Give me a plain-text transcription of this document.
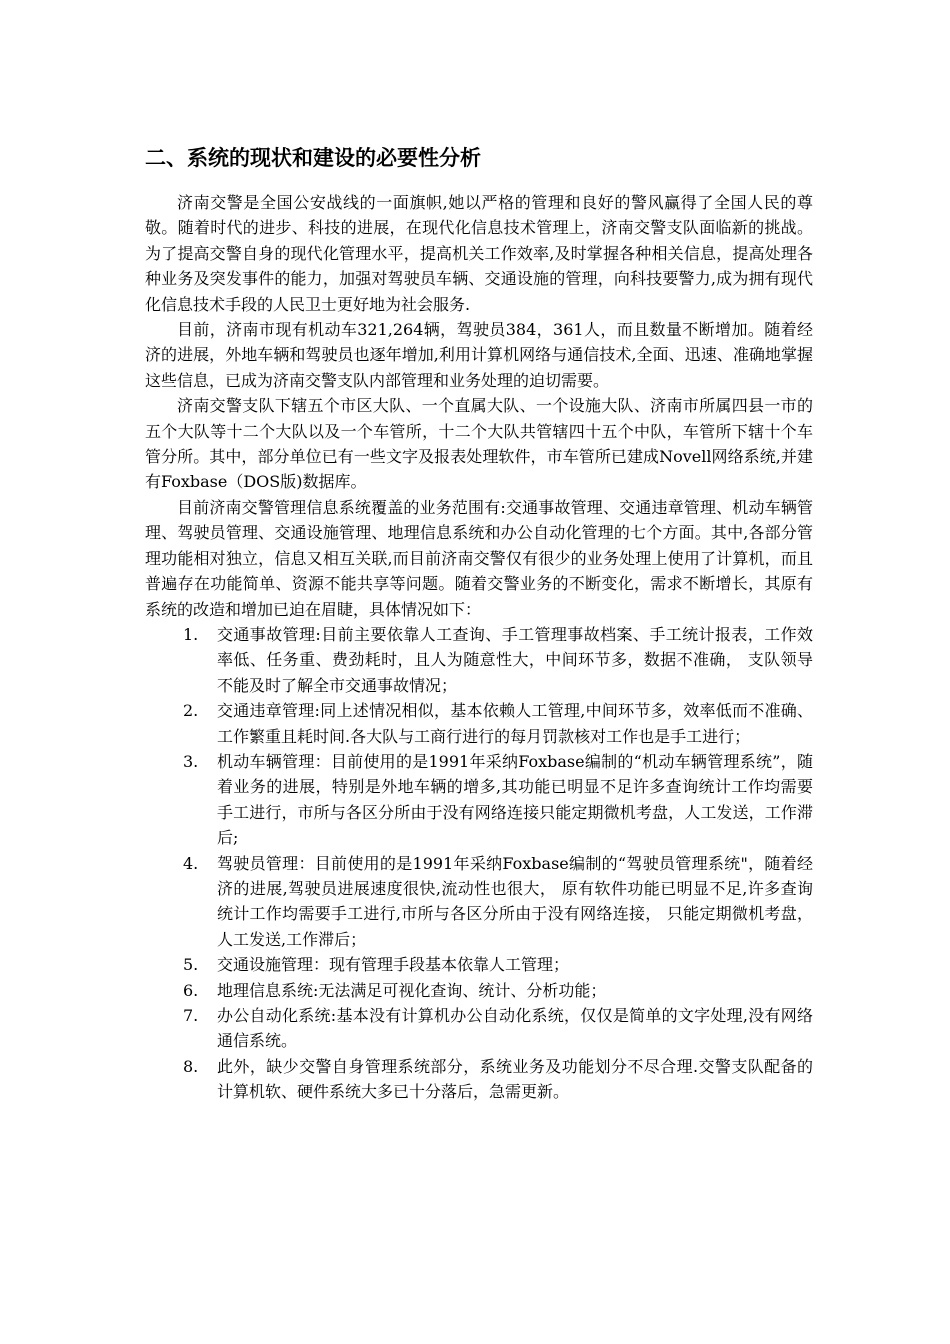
二、系统的现状和建设的必要性分析

济南交警是全国公安战线的一面旗帜,她以严格的管理和良好的警风赢得了全国人民的尊敬。随着时代的进步、科技的进展，在现代化信息技术管理上，济南交警支队面临新的挑战。为了提高交警自身的现代化管理水平，提高机关工作效率,及时掌握各种相关信息，提高处理各种业务及突发事件的能力，加强对驾驶员车辆、交通设施的管理，向科技要警力,成为拥有现代化信息技术手段的人民卫士更好地为社会服务.

目前，济南市现有机动车321,264辆，驾驶员384，361人，而且数量不断增加。随着经济的进展，外地车辆和驾驶员也逐年增加,利用计算机网络与通信技术,全面、迅速、准确地掌握这些信息，已成为济南交警支队内部管理和业务处理的迫切需要。

济南交警支队下辖五个市区大队、一个直属大队、一个设施大队、济南市所属四县一市的五个大队等十二个大队以及一个车管所，十二个大队共管辖四十五个中队，车管所下辖十个车管分所。其中，部分单位已有一些文字及报表处理软件，市车管所已建成Novell网络系统,并建有Foxbase（DOS版)数据库。

目前济南交警管理信息系统覆盖的业务范围有:交通事故管理、交通违章管理、机动车辆管理、驾驶员管理、交通设施管理、地理信息系统和办公自动化管理的七个方面。其中,各部分管理功能相对独立，信息又相互关联,而目前济南交警仅有很少的业务处理上使用了计算机，而且普遍存在功能简单、资源不能共享等问题。随着交警业务的不断变化，需求不断增长，其原有系统的改造和增加已迫在眉睫，具体情况如下：

1.	交通事故管理:目前主要依靠人工查询、手工管理事故档案、手工统计报表，工作效率低、任务重、费劲耗时，且人为随意性大，中间环节多，数据不准确， 支队领导不能及时了解全市交通事故情况；
2.	交通违章管理:同上述情况相似，基本依赖人工管理,中间环节多，效率低而不准确、工作繁重且耗时间.各大队与工商行进行的每月罚款核对工作也是手工进行；
3.	机动车辆管理：目前使用的是1991年采纳Foxbase编制的“机动车辆管理系统”，随着业务的进展，特别是外地车辆的增多,其功能已明显不足许多查询统计工作均需要手工进行，市所与各区分所由于没有网络连接只能定期微机考盘，人工发送，工作滞后;
4.	驾驶员管理：目前使用的是1991年采纳Foxbase编制的“驾驶员管理系统"，随着经济的进展,驾驶员进展速度很快,流动性也很大， 原有软件功能已明显不足,许多查询统计工作均需要手工进行,市所与各区分所由于没有网络连接， 只能定期微机考盘，人工发送,工作滞后；
5.	交通设施管理：现有管理手段基本依靠人工管理；
6.	地理信息系统:无法满足可视化查询、统计、分析功能；
7.	办公自动化系统:基本没有计算机办公自动化系统，仅仅是简单的文字处理,没有网络通信系统。
8.	此外，缺少交警自身管理系统部分，系统业务及功能划分不尽合理.交警支队配备的计算机软、硬件系统大多已十分落后，急需更新。
